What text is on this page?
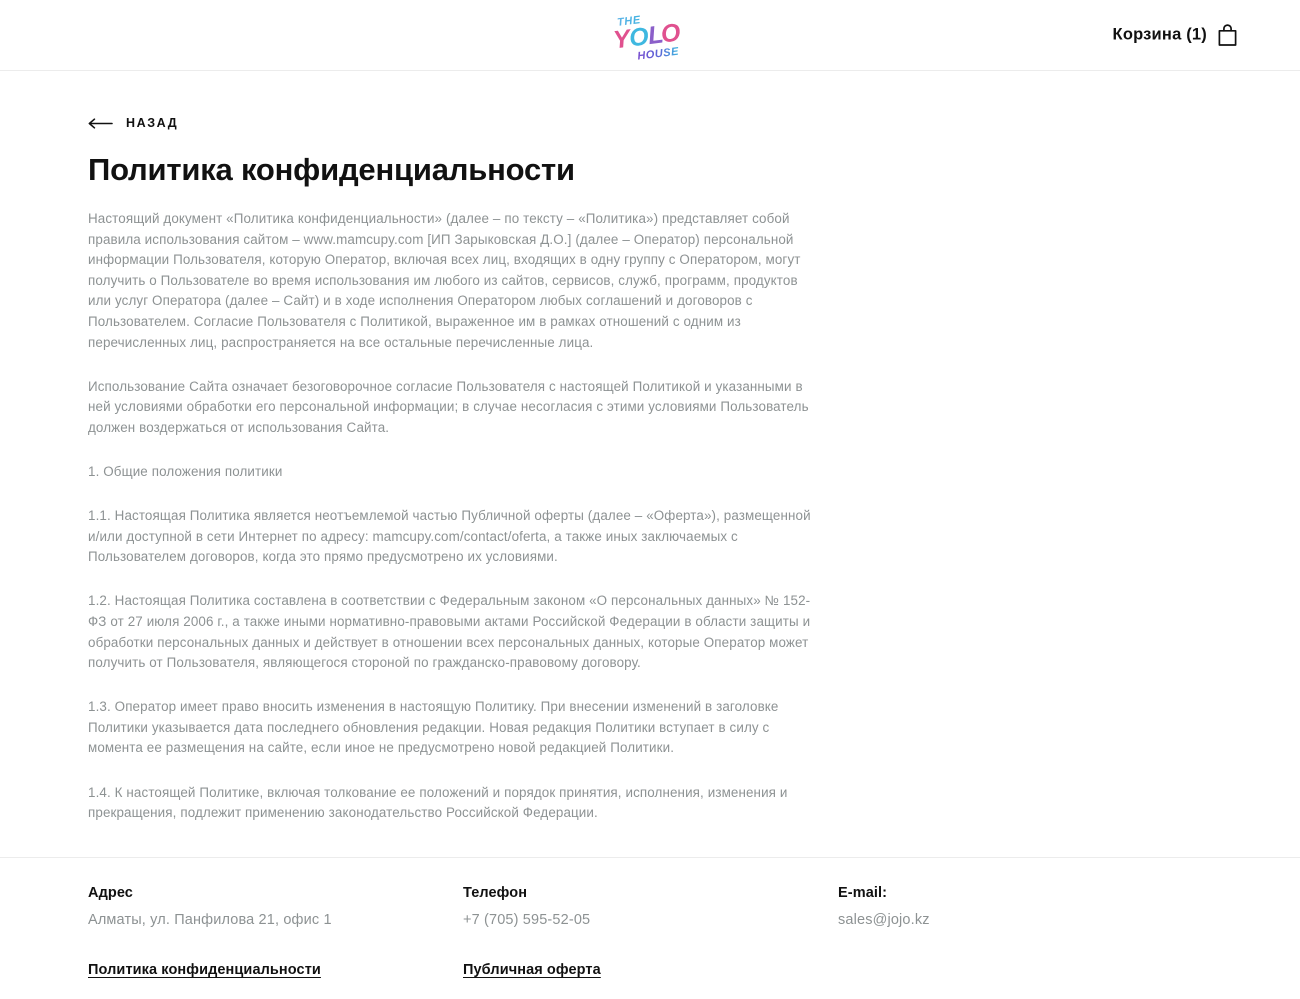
THE
Y
O
L
O
HOUSE
Корзина (1)
НАЗАД
Политика конфиденциальности

Настоящий документ «Политика конфиденциальности» (далее – по тексту – «Политика») представляет собой правила использования сайтом – www.mamcupy.com [ИП Зарыковская Д.О.] (далее – Оператор) персональной информации Пользователя, которую Оператор, включая всех лиц, входящих в одну группу с Оператором, могут получить о Пользователе во время использования им любого из сайтов, сервисов, служб, программ, продуктов или услуг Оператора (далее – Сайт) и в ходе исполнения Оператором любых соглашений и договоров с Пользователем. Согласие Пользователя с Политикой, выраженное им в рамках отношений с одним из перечисленных лиц, распространяется на все остальные перечисленные лица.

Использование Сайта означает безоговорочное согласие Пользователя с настоящей Политикой и указанными в ней условиями обработки его персональной информации; в случае несогласия с этими условиями Пользователь должен воздержаться от использования Сайта.

1. Общие положения политики

1.1. Настоящая Политика является неотъемлемой частью Публичной оферты (далее – «Оферта»), размещенной и/или доступной в сети Интернет по адресу: mamcupy.com/contact/oferta, а также иных заключаемых с Пользователем договоров, когда это прямо предусмотрено их условиями.

1.2. Настоящая Политика составлена в соответствии с Федеральным законом «О персональных данных» № 152-ФЗ от 27 июля 2006 г., а также иными нормативно-правовыми актами Российской Федерации в области защиты и обработки персональных данных и действует в отношении всех персональных данных, которые Оператор может получить от Пользователя, являющегося стороной по гражданско-правовому договору.

1.3. Оператор имеет право вносить изменения в настоящую Политику. При внесении изменений в заголовке Политики указывается дата последнего обновления редакции. Новая редакция Политики вступает в силу с момента ее размещения на сайте, если иное не предусмотрено новой редакцией Политики.

1.4. К настоящей Политике, включая толкование ее положений и порядок принятия, исполнения, изменения и прекращения, подлежит применению законодательство Российской Федерации.

Адрес
Алматы, ул. Панфилова 21, офис 1
Телефон
+7 (705) 595-52-05
E-mail:
sales@jojo.kz
Политика конфиденциальности	Публичная оферта
